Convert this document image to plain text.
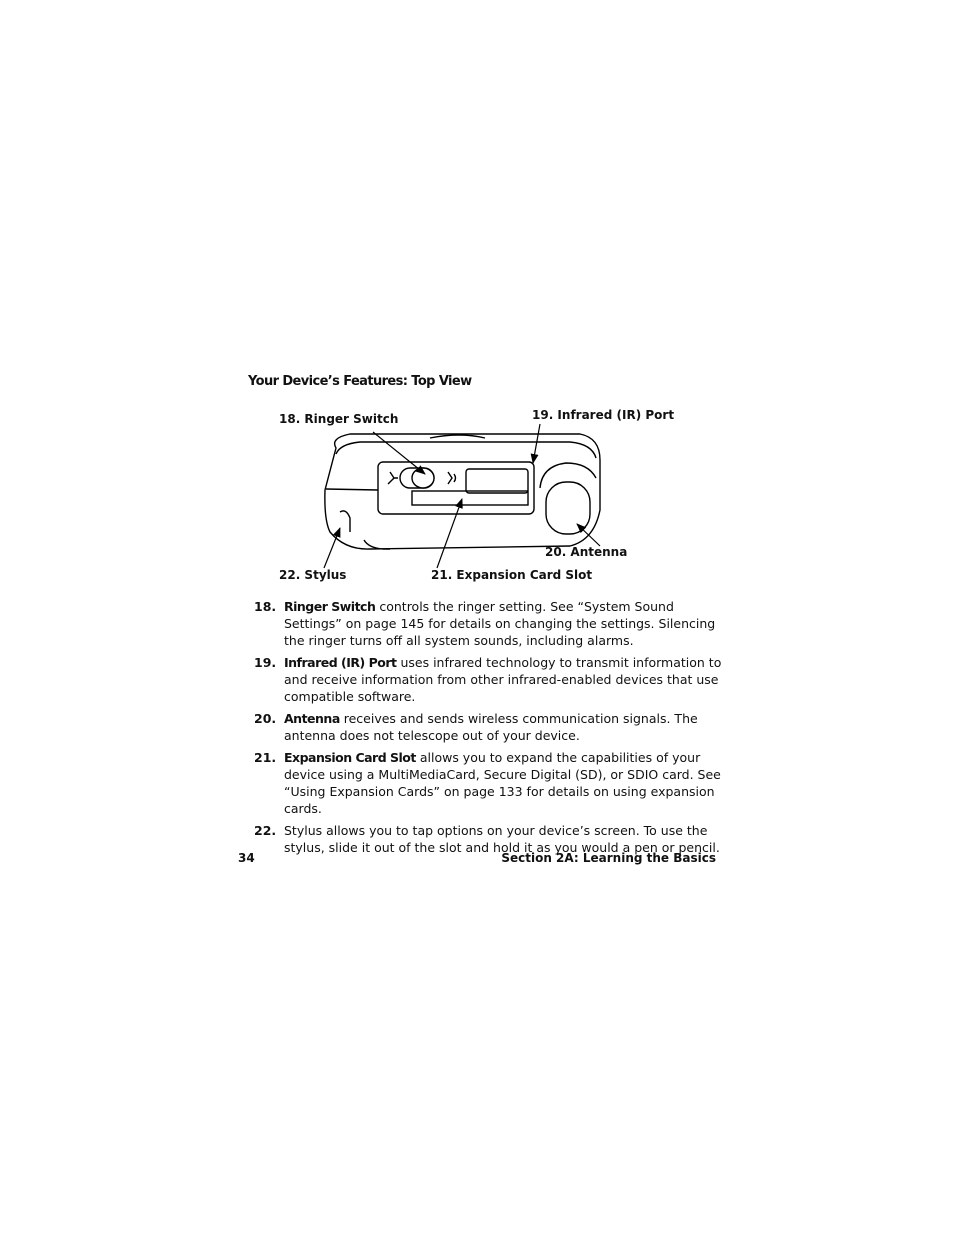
Your Device’s Features: Top View
18. Ringer Switch	19. Infrared (IR) Port
20. Antenna
21. Expansion Card Slot
22. Stylus
18. Ringer Switch controls the ringer setting. See “System Sound Settings” on page 145 for details on changing the settings. Silencing the ringer turns off all system sounds, including alarms.
19. Infrared (IR) Port uses infrared technology to transmit information to and receive information from other infrared-enabled devices that use compatible software.
20. Antenna receives and sends wireless communication signals. The antenna does not telescope out of your device.
21. Expansion Card Slot allows you to expand the capabilities of your device using a MultiMediaCard, Secure Digital (SD), or SDIO card. See “Using Expansion Cards” on page 133 for details on using expansion cards.
22. Stylus allows you to tap options on your device’s screen. To use the stylus, slide it out of the slot and hold it as you would a pen or pencil.
34	Section 2A: Learning the Basics
